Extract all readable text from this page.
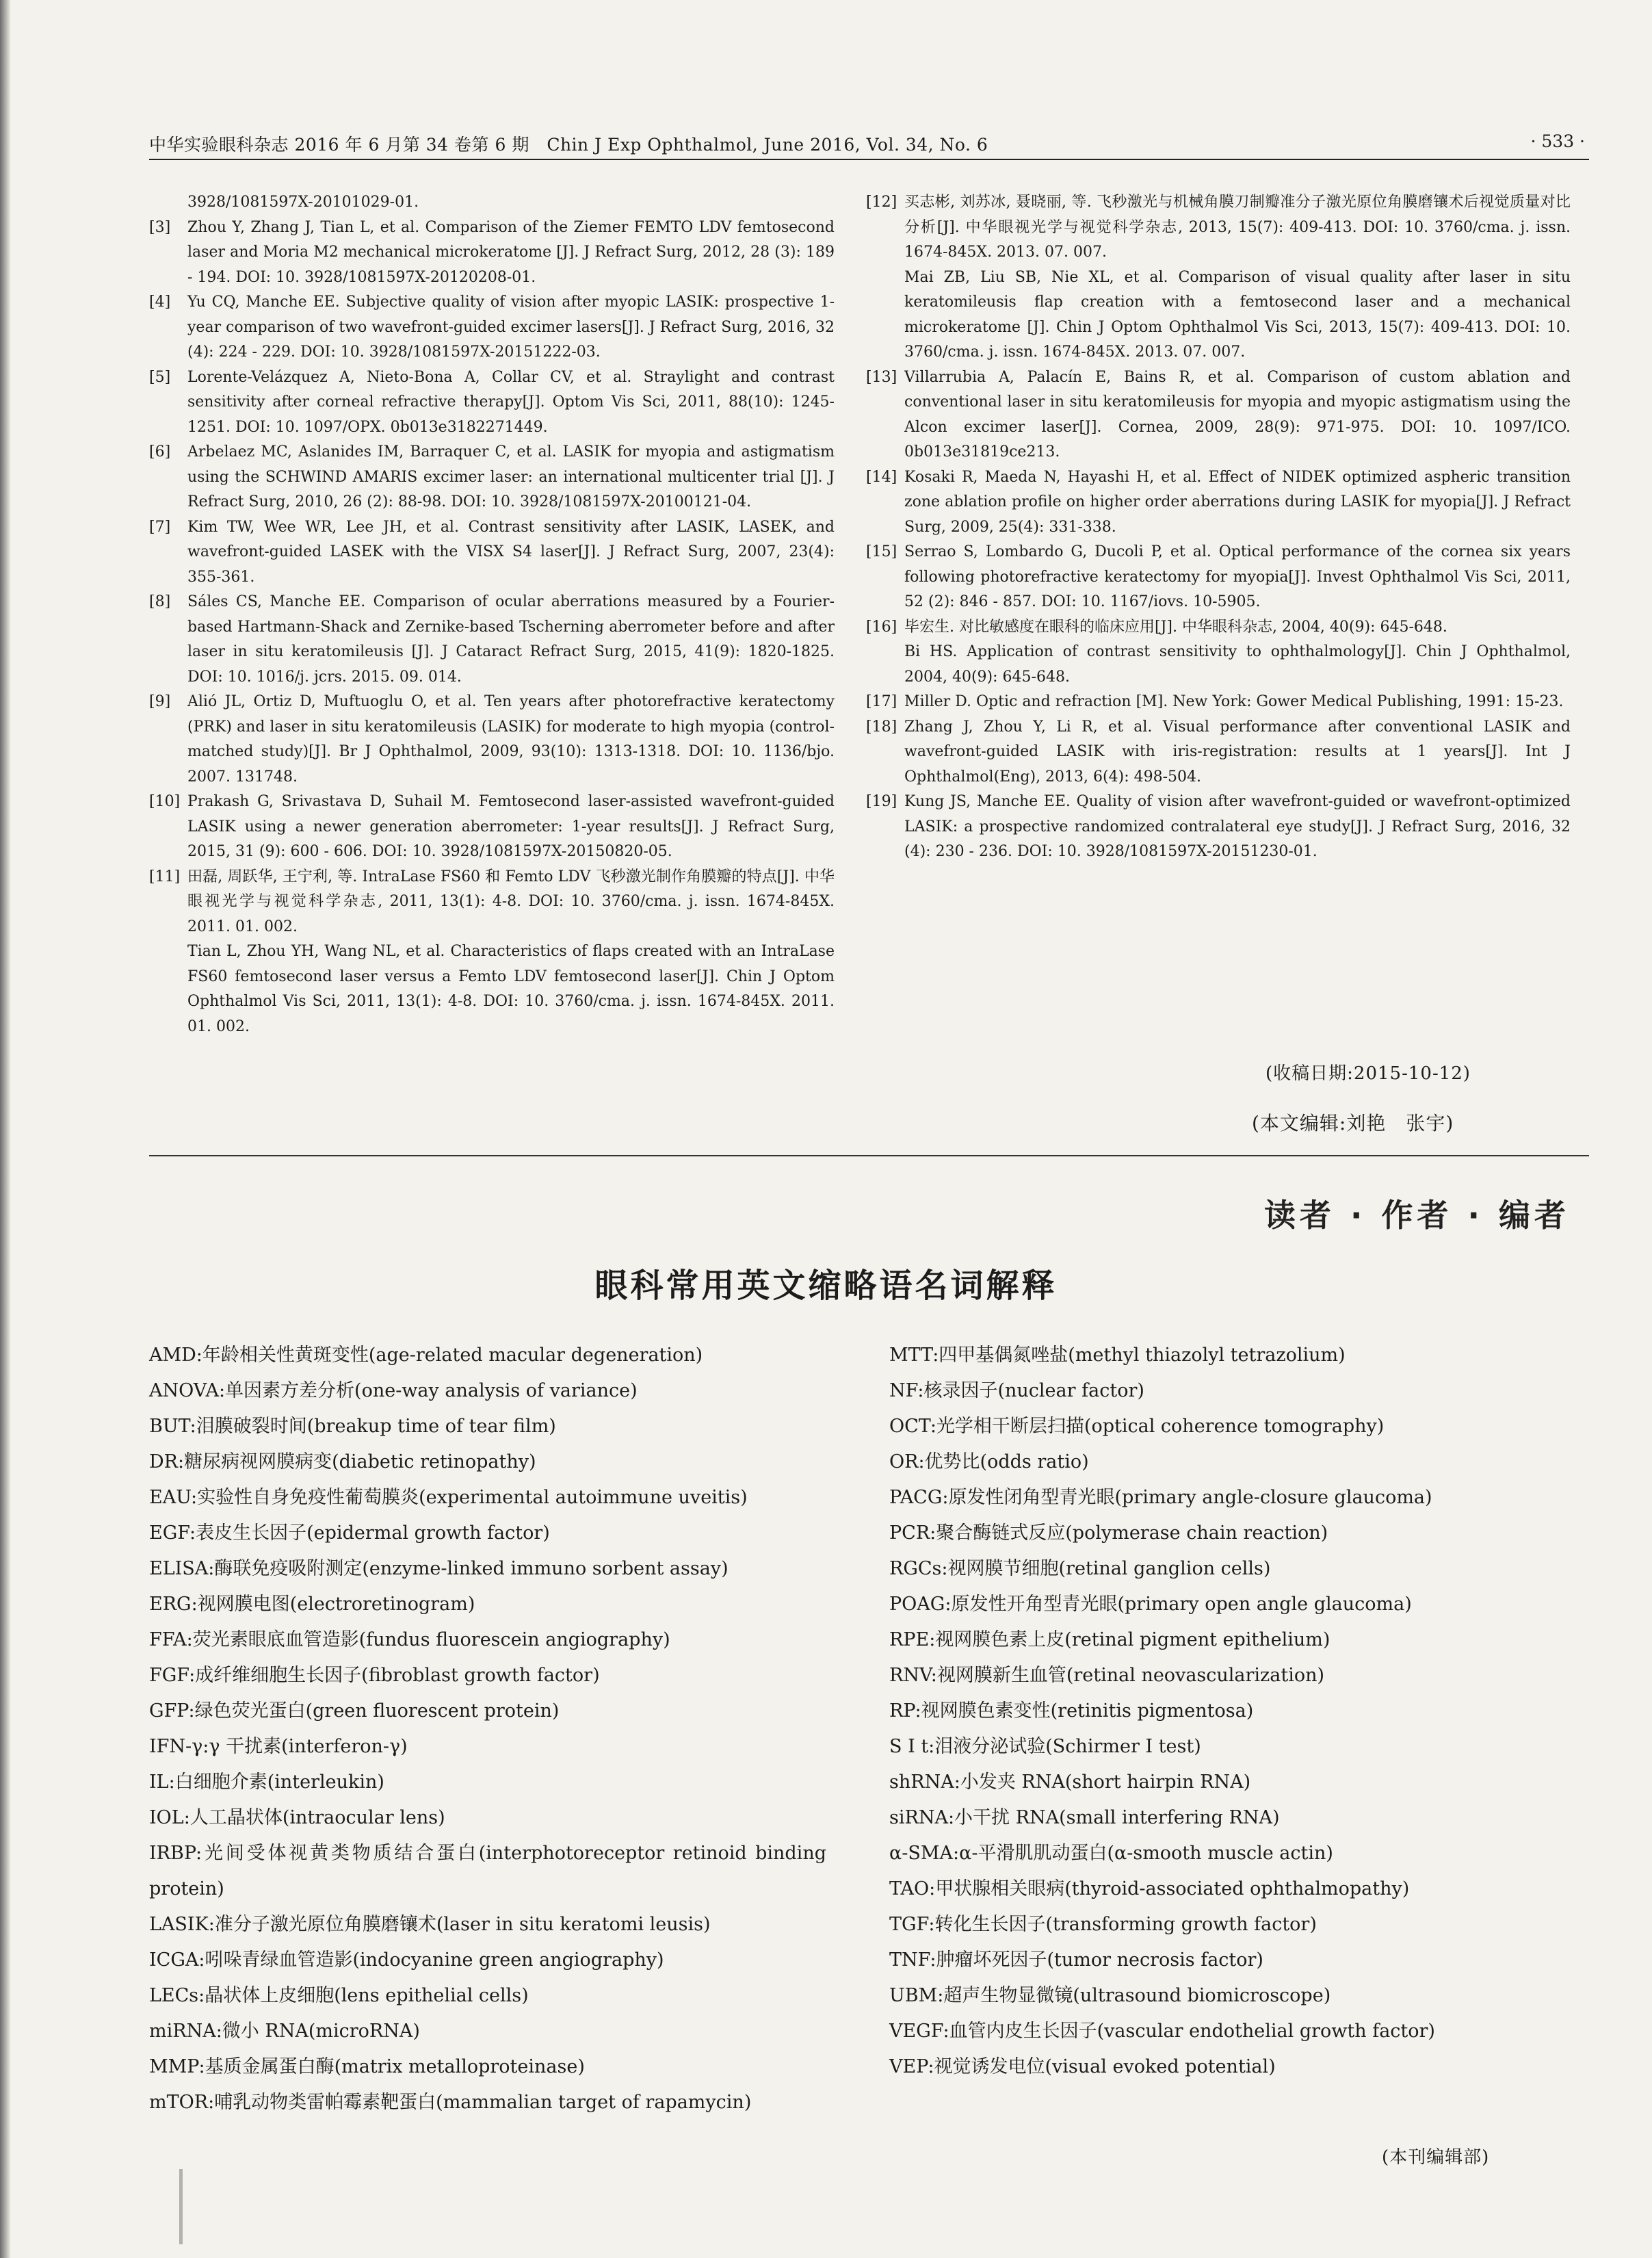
中华实验眼科杂志 2016 年 6 月第 34 卷第 6 期　Chin J Exp Ophthalmol, June 2016, Vol. 34, No. 6	· 533 ·

3928/1081597X-20101029-01.

[3] Zhou Y, Zhang J, Tian L, et al. Comparison of the Ziemer FEMTO LDV femtosecond laser and Moria M2 mechanical microkeratome [J]. J Refract Surg, 2012, 28 (3): 189 - 194. DOI: 10. 3928/1081597X-20120208-01.

[4] Yu CQ, Manche EE. Subjective quality of vision after myopic LASIK: prospective 1-year comparison of two wavefront-guided excimer lasers[J]. J Refract Surg, 2016, 32 (4): 224 - 229. DOI: 10. 3928/1081597X-20151222-03.

[5] Lorente-Velázquez A, Nieto-Bona A, Collar CV, et al. Straylight and contrast sensitivity after corneal refractive therapy[J]. Optom Vis Sci, 2011, 88(10): 1245-1251. DOI: 10. 1097/OPX. 0b013e3182271449.

[6] Arbelaez MC, Aslanides IM, Barraquer C, et al. LASIK for myopia and astigmatism using the SCHWIND AMARIS excimer laser: an international multicenter trial [J]. J Refract Surg, 2010, 26 (2): 88-98. DOI: 10. 3928/1081597X-20100121-04.

[7] Kim TW, Wee WR, Lee JH, et al. Contrast sensitivity after LASIK, LASEK, and wavefront-guided LASEK with the VISX S4 laser[J]. J Refract Surg, 2007, 23(4): 355-361.

[8] Sáles CS, Manche EE. Comparison of ocular aberrations measured by a Fourier-based Hartmann-Shack and Zernike-based Tscherning aberrometer before and after laser in situ keratomileusis [J]. J Cataract Refract Surg, 2015, 41(9): 1820-1825. DOI: 10. 1016/j. jcrs. 2015. 09. 014.

[9] Alió JL, Ortiz D, Muftuoglu O, et al. Ten years after photorefractive keratectomy (PRK) and laser in situ keratomileusis (LASIK) for moderate to high myopia (control-matched study)[J]. Br J Ophthalmol, 2009, 93(10): 1313-1318. DOI: 10. 1136/bjo. 2007. 131748.

[10] Prakash G, Srivastava D, Suhail M. Femtosecond laser-assisted wavefront-guided LASIK using a newer generation aberrometer: 1-year results[J]. J Refract Surg, 2015, 31 (9): 600 - 606. DOI: 10. 3928/1081597X-20150820-05.

[11] 田磊, 周跃华, 王宁利, 等. IntraLase FS60 和 Femto LDV 飞秒激光制作角膜瓣的特点[J]. 中华眼视光学与视觉科学杂志, 2011, 13(1): 4-8. DOI: 10. 3760/cma. j. issn. 1674-845X. 2011. 01. 002.
Tian L, Zhou YH, Wang NL, et al. Characteristics of flaps created with an IntraLase FS60 femtosecond laser versus a Femto LDV femtosecond laser[J]. Chin J Optom Ophthalmol Vis Sci, 2011, 13(1): 4-8. DOI: 10. 3760/cma. j. issn. 1674-845X. 2011. 01. 002.

[12] 买志彬, 刘苏冰, 聂晓丽, 等. 飞秒激光与机械角膜刀制瓣准分子激光原位角膜磨镶术后视觉质量对比分析[J]. 中华眼视光学与视觉科学杂志, 2013, 15(7): 409-413. DOI: 10. 3760/cma. j. issn. 1674-845X. 2013. 07. 007.
Mai ZB, Liu SB, Nie XL, et al. Comparison of visual quality after laser in situ keratomileusis flap creation with a femtosecond laser and a mechanical microkeratome [J]. Chin J Optom Ophthalmol Vis Sci, 2013, 15(7): 409-413. DOI: 10. 3760/cma. j. issn. 1674-845X. 2013. 07. 007.

[13] Villarrubia A, Palacín E, Bains R, et al. Comparison of custom ablation and conventional laser in situ keratomileusis for myopia and myopic astigmatism using the Alcon excimer laser[J]. Cornea, 2009, 28(9): 971-975. DOI: 10. 1097/ICO. 0b013e31819ce213.

[14] Kosaki R, Maeda N, Hayashi H, et al. Effect of NIDEK optimized aspheric transition zone ablation profile on higher order aberrations during LASIK for myopia[J]. J Refract Surg, 2009, 25(4): 331-338.

[15] Serrao S, Lombardo G, Ducoli P, et al. Optical performance of the cornea six years following photorefractive keratectomy for myopia[J]. Invest Ophthalmol Vis Sci, 2011, 52 (2): 846 - 857. DOI: 10. 1167/iovs. 10-5905.

[16] 毕宏生. 对比敏感度在眼科的临床应用[J]. 中华眼科杂志, 2004, 40(9): 645-648.
Bi HS. Application of contrast sensitivity to ophthalmology[J]. Chin J Ophthalmol, 2004, 40(9): 645-648.

[17] Miller D. Optic and refraction [M]. New York: Gower Medical Publishing, 1991: 15-23.

[18] Zhang J, Zhou Y, Li R, et al. Visual performance after conventional LASIK and wavefront-guided LASIK with iris-registration: results at 1 years[J]. Int J Ophthalmol(Eng), 2013, 6(4): 498-504.

[19] Kung JS, Manche EE. Quality of vision after wavefront-guided or wavefront-optimized LASIK: a prospective randomized contralateral eye study[J]. J Refract Surg, 2016, 32 (4): 230 - 236. DOI: 10. 3928/1081597X-20151230-01.

(收稿日期:2015-10-12)
(本文编辑:刘艳　张宇)
读者 · 作者 · 编者
眼科常用英文缩略语名词解释

AMD:年龄相关性黄斑变性(age-related macular degeneration)

ANOVA:单因素方差分析(one-way analysis of variance)

BUT:泪膜破裂时间(breakup time of tear film)

DR:糖尿病视网膜病变(diabetic retinopathy)

EAU:实验性自身免疫性葡萄膜炎(experimental autoimmune uveitis)

EGF:表皮生长因子(epidermal growth factor)

ELISA:酶联免疫吸附测定(enzyme-linked immuno sorbent assay)

ERG:视网膜电图(electroretinogram)

FFA:荧光素眼底血管造影(fundus fluorescein angiography)

FGF:成纤维细胞生长因子(fibroblast growth factor)

GFP:绿色荧光蛋白(green fluorescent protein)

IFN-γ:γ 干扰素(interferon-γ)

IL:白细胞介素(interleukin)

IOL:人工晶状体(intraocular lens)

IRBP:光间受体视黄类物质结合蛋白(interphotoreceptor retinoid binding protein)

LASIK:准分子激光原位角膜磨镶术(laser in situ keratomi leusis)

ICGA:吲哚青绿血管造影(indocyanine green angiography)

LECs:晶状体上皮细胞(lens epithelial cells)

miRNA:微小 RNA(microRNA)

MMP:基质金属蛋白酶(matrix metalloproteinase)

mTOR:哺乳动物类雷帕霉素靶蛋白(mammalian target of rapamycin)

MTT:四甲基偶氮唑盐(methyl thiazolyl tetrazolium)

NF:核录因子(nuclear factor)

OCT:光学相干断层扫描(optical coherence tomography)

OR:优势比(odds ratio)

PACG:原发性闭角型青光眼(primary angle-closure glaucoma)

PCR:聚合酶链式反应(polymerase chain reaction)

RGCs:视网膜节细胞(retinal ganglion cells)

POAG:原发性开角型青光眼(primary open angle glaucoma)

RPE:视网膜色素上皮(retinal pigment epithelium)

RNV:视网膜新生血管(retinal neovascularization)

RP:视网膜色素变性(retinitis pigmentosa)

S I t:泪液分泌试验(Schirmer Ⅰ test)

shRNA:小发夹 RNA(short hairpin RNA)

siRNA:小干扰 RNA(small interfering RNA)

α-SMA:α-平滑肌肌动蛋白(α-smooth muscle actin)

TAO:甲状腺相关眼病(thyroid-associated ophthalmopathy)

TGF:转化生长因子(transforming growth factor)

TNF:肿瘤坏死因子(tumor necrosis factor)

UBM:超声生物显微镜(ultrasound biomicroscope)

VEGF:血管内皮生长因子(vascular endothelial growth factor)

VEP:视觉诱发电位(visual evoked potential)

(本刊编辑部)
